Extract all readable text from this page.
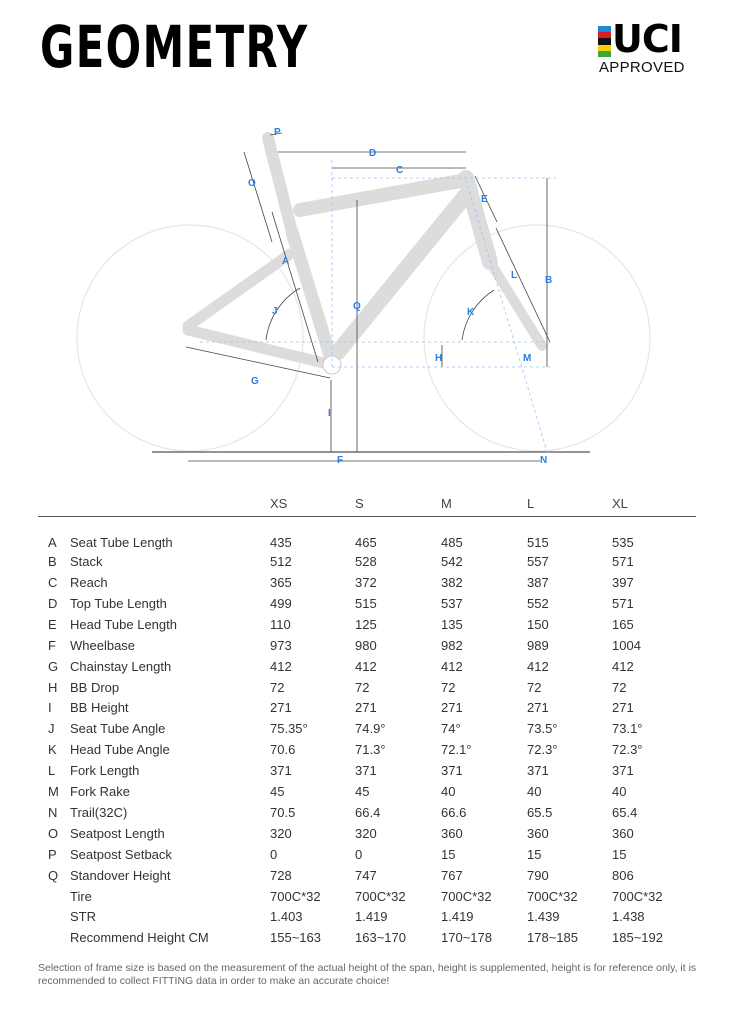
GEOMETRY	UCI
APPROVED
A
B
C
D
E
F
G
H
I
J	K
L
M
N
O
P
Q
XS	S	M	L	XL
A Seat Tube Length	435	465	485	515	535
B Stack	512	528	542	557	571
C Reach	365	372	382	387	397
D Top Tube Length	499	515	537	552	571
E Head Tube Length	110	125	135	150	165
F Wheelbase	973	980	982	989	1004
G Chainstay Length	412	412	412	412	412
H BB Drop	72	72	72	72	72
I BB Height	271	271	271	271	271
J Seat Tube Angle	75.35°	74.9°	74°	73.5°	73.1°
K Head Tube Angle	70.6	71.3°	72.1°	72.3°	72.3°
L Fork Length	371	371	371	371	371
M Fork Rake	45	45	40	40	40
N Trail(32C)	70.5	66.4	66.6	65.5	65.4
O Seatpost Length	320	320	360	360	360
P Seatpost Setback	0	0	15	15	15
Q Standover Height	728	747	767	790	806
Tire	700C*32	700C*32	700C*32	700C*32	700C*32
STR	1.403	1.419	1.419	1.439	1.438
Recommend Height CM	155~163	163~170	170~178	178~185	185~192
Selection of frame size is based on the measurement of the actual height of the span, height is supplemented, height is for reference only, it is recommended to collect FITTING data in order to make an accurate choice!
